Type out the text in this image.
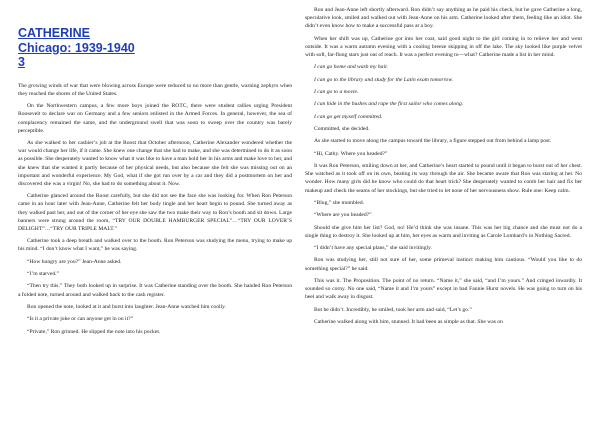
CATHERINE
Chicago: 1939-1940
3

The growing winds of war that were blowing across Europe were reduced to no more than gentle, warning zephyrs when they reached the shores of the United States.

On the Northwestern campus, a few more boys joined the ROTC, there were student rallies urging President Roosevelt to declare war on Germany and a few seniors enlisted in the Armed Forces. In general, however, the sea of complacency remained the same, and the underground swell that was soon to sweep over the country was barely perceptible.

As she walked to her cashier’s job at the Roost that October afternoon, Catherine Alexander wondered whether the war would change her life, if it came. She knew one change that she had to make, and she was determined to do it as soon as possible. She desperately wanted to know what it was like to have a man hold her in his arms and make love to her, and she knew that she wanted it partly because of her physical needs, but also because she felt she was missing out on an important and wonderful experience. My God, what if she got run over by a car and they did a postmortem on her and discovered she was a virgin! No, she had to do something about it. Now.

Catherine glanced around the Roost carefully, but she did not see the face she was looking for. When Ron Peterson came in an hour later with Jean-Anne, Catherine felt her body tingle and her heart begin to pound. She turned away as they walked past her, and out of the corner of her eye she saw the two make their way to Ron’s booth and sit down. Large banners were strung around the room, “TRY OUR DOUBLE HAMBURGER SPECIAL”…“TRY OUR LOVER’S DELIGHT”…“TRY OUR TRIPLE MALT.”

Catherine took a deep breath and walked over to the booth. Ron Peterson was studying the menu, trying to make up his mind. “I don’t know what I want,” he was saying.

“How hungry are you?” Jean-Anne asked.

“I’m starved.”

“Then try this.” They both looked up in surprise. It was Catherine standing over the booth. She handed Ron Peterson a folded note, turned around and walked back to the cash register.

Ron opened the note, looked at it and burst into laughter. Jean-Anne watched him coolly.

“Is it a private joke or can anyone get in on it?”

“Private,” Ron grinned. He slipped the note into his pocket.

Ron and Jean-Anne left shortly afterward. Ron didn’t say anything as he paid his check, but he gave Catherine a long, speculative look, smiled and walked out with Jean-Anne on his arm. Catherine looked after them, feeling like an idiot. She didn’t even know how to make a successful pass at a boy.

When her shift was up, Catherine got into her coat, said good night to the girl coming in to relieve her and went outside. It was a warm autumn evening with a cooling breeze skipping in off the lake. The sky looked like purple velvet with soft, far-flung stars just out of reach. It was a perfect evening to—what? Catherine made a list in her mind.

I can go home and wash my hair.

I can go to the library and study for the Latin exam tomorrow.

I can go to a movie.

I can hide in the bushes and rape the first sailor who comes along.

I can go get myself committed.

Committed, she decided.

As she started to move along the campus toward the library, a figure stepped out from behind a lamp post.

“Hi, Cathy. Where you headed?”

It was Ron Peterson, smiling down at her, and Catherine’s heart started to pound until it began to burst out of her chest. She watched as it took off on its own, beating its way through the air. She became aware that Ron was staring at her. No wonder. How many girls did he know who could do that heart trick? She desperately wanted to comb her hair and fix her makeup and check the seams of her stockings, but she tried to let none of her nervousness show. Rule one: Keep calm.

“Blug,” she mumbled.

“Where are you headed?”

Should she give him her list? God, no! He’d think she was insane. This was her big chance and she must not do a single thing to destroy it. She looked up at him, her eyes as warm and inviting as Carole Lombard’s in Nothing Sacred.

“I didn’t have any special plans,” she said invitingly.

Ron was studying her, still not sure of her, some primeval instinct making him cautious. “Would you like to do something special?” he said.

This was it. The Proposition. The point of no return. “Name it,” she said, “and I’m yours.” And cringed inwardly. It sounded so corny. No one said, “Name it and I’m yours” except in bad Fannie Hurst novels. He was going to turn on his heel and walk away in disgust.

But he didn’t. Incredibly, he smiled, took her arm and said, “Let’s go.”

Catherine walked along with him, stunned. It had been as simple as that. She was on
